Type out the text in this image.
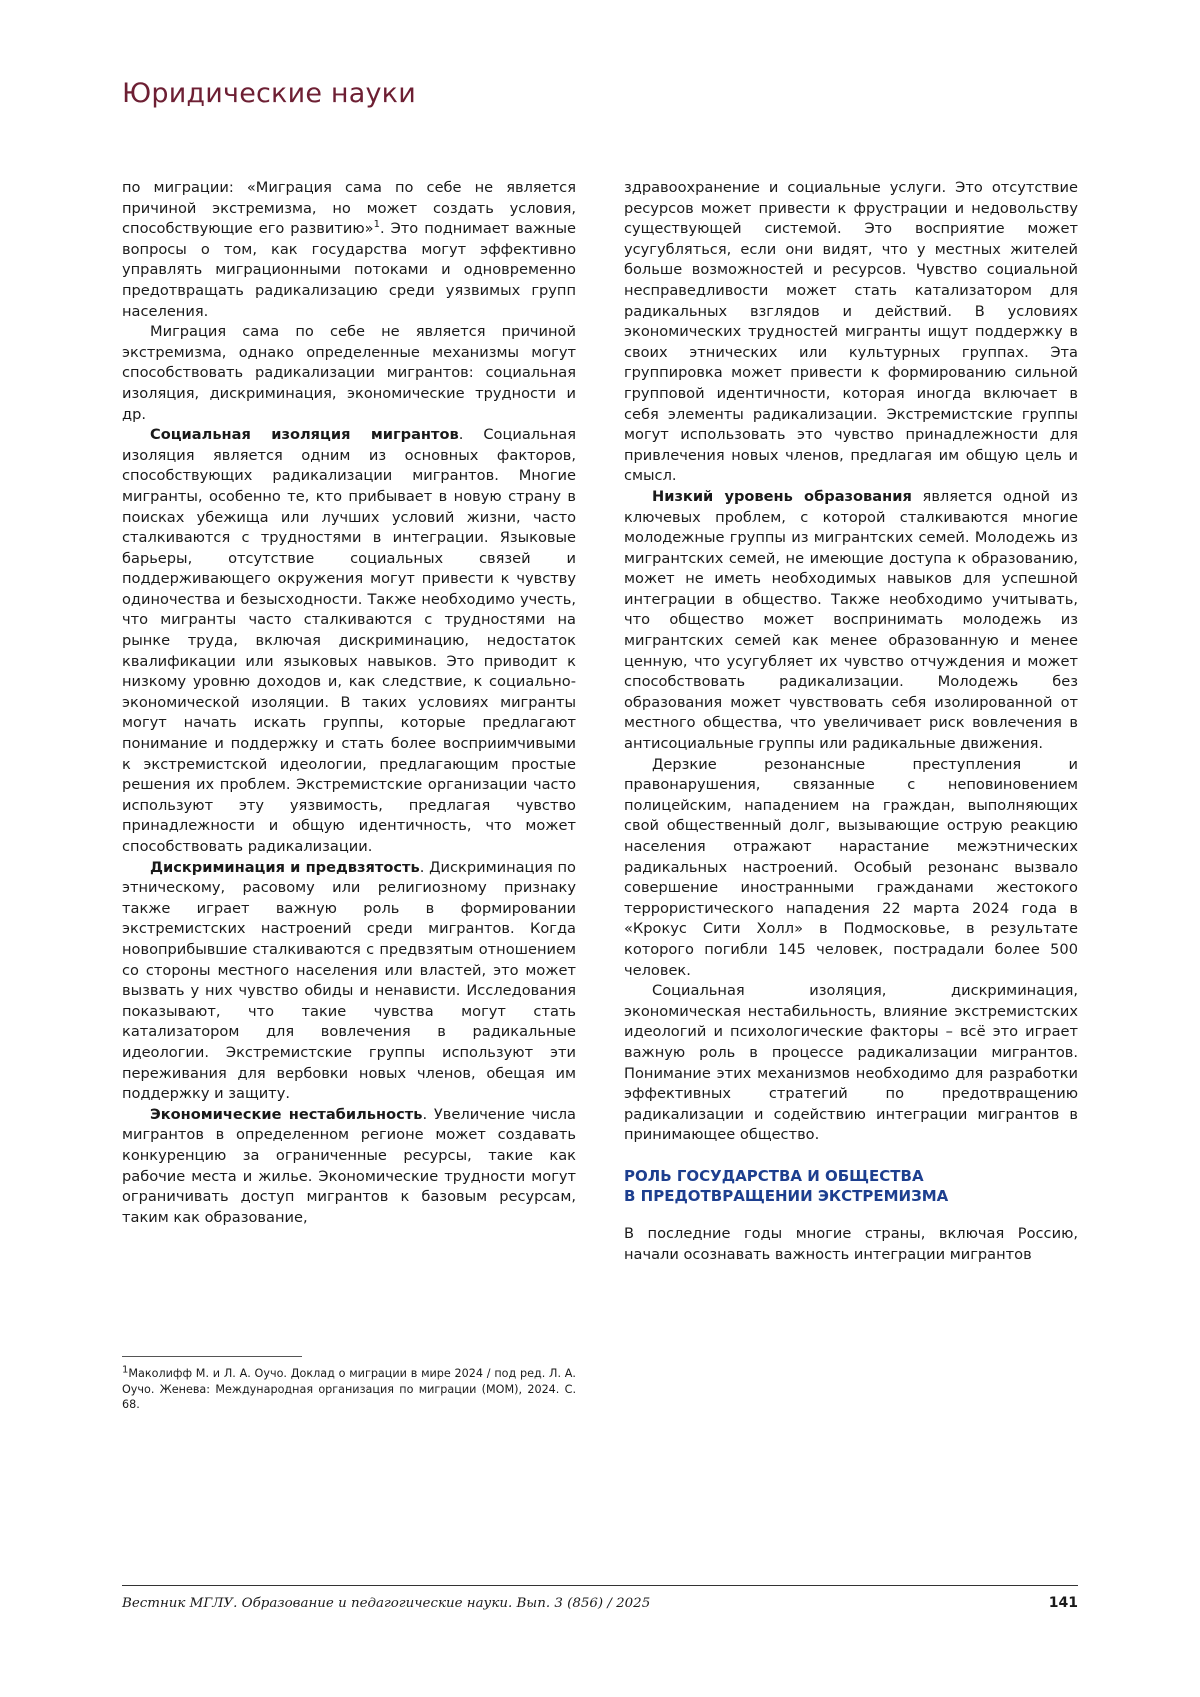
Юридические науки

по миграции: «Миграция сама по себе не является причиной экстремизма, но может создать условия, способствующие его развитию»$^1$. Это поднимает важные вопросы о том, как государства могут эффективно управлять миграционными потоками и одновременно предотвращать радикализацию среди уязвимых групп населения.

Миграция сама по себе не является причиной экстремизма, однако определенные механизмы могут способствовать радикализации мигрантов: социальная изоляция, дискриминация, экономические трудности и др.

Социальная изоляция мигрантов. Социальная изоляция является одним из основных факторов, способствующих радикализации мигрантов. Многие мигранты, особенно те, кто прибывает в новую страну в поисках убежища или лучших условий жизни, часто сталкиваются с трудностями в интеграции. Языковые барьеры, отсутствие социальных связей и поддерживающего окружения могут привести к чувству одиночества и безысходности. Также необходимо учесть, что мигранты часто сталкиваются с трудностями на рынке труда, включая дискриминацию, недостаток квалификации или языковых навыков. Это приводит к низкому уровню доходов и, как следствие, к социально-экономической изоляции. В таких условиях мигранты могут начать искать группы, которые предлагают понимание и поддержку и стать более восприимчивыми к экстремистской идеологии, предлагающим простые решения их проблем. Экстремистские организации часто используют эту уязвимость, предлагая чувство принадлежности и общую идентичность, что может способствовать радикализации.

Дискриминация и предвзятость. Дискриминация по этническому, расовому или религиозному признаку также играет важную роль в формировании экстремистских настроений среди мигрантов. Когда новоприбывшие сталкиваются с предвзятым отношением со стороны местного населения или властей, это может вызвать у них чувство обиды и ненависти. Исследования показывают, что такие чувства могут стать катализатором для вовлечения в радикальные идеологии. Экстремистские группы используют эти переживания для вербовки новых членов, обещая им поддержку и защиту.

Экономические нестабильность. Увеличение числа мигрантов в определенном регионе может создавать конкуренцию за ограниченные ресурсы, такие как рабочие места и жилье. Экономические трудности могут ограничивать доступ мигрантов к базовым ресурсам, таким как образование,

здравоохранение и социальные услуги. Это отсутствие ресурсов может привести к фрустрации и недовольству существующей системой. Это восприятие может усугубляться, если они видят, что у местных жителей больше возможностей и ресурсов. Чувство социальной несправедливости может стать катализатором для радикальных взглядов и действий. В условиях экономических трудностей мигранты ищут поддержку в своих этнических или культурных группах. Эта группировка может привести к формированию сильной групповой идентичности, которая иногда включает в себя элементы радикализации. Экстремистские группы могут использовать это чувство принадлежности для привлечения новых членов, предлагая им общую цель и смысл.

Низкий уровень образования является одной из ключевых проблем, с которой сталкиваются многие молодежные группы из мигрантских семей. Молодежь из мигрантских семей, не имеющие доступа к образованию, может не иметь необходимых навыков для успешной интеграции в общество. Также необходимо учитывать, что общество может воспринимать молодежь из мигрантских семей как менее образованную и менее ценную, что усугубляет их чувство отчуждения и может способствовать радикализации. Молодежь без образования может чувствовать себя изолированной от местного общества, что увеличивает риск вовлечения в антисоциальные группы или радикальные движения.

Дерзкие резонансные преступления и правонарушения, связанные с неповиновением полицейским, нападением на граждан, выполняющих свой общественный долг, вызывающие острую реакцию населения отражают нарастание межэтнических радикальных настроений. Особый резонанс вызвало совершение иностранными гражданами жестокого террористического нападения 22 марта 2024 года в «Крокус Сити Холл» в Подмосковье, в результате которого погибли 145 человек, пострадали более 500 человек.

Социальная изоляция, дискриминация, экономическая нестабильность, влияние экстремистских идеологий и психологические факторы – всё это играет важную роль в процессе радикализации мигрантов. Понимание этих механизмов необходимо для разработки эффективных стратегий по предотвращению радикализации и содействию интеграции мигрантов в принимающее общество.

РОЛЬ ГОСУДАРСТВА И ОБЩЕСТВА
В ПРЕДОТВРАЩЕНИИ ЭКСТРЕМИЗМА

В последние годы многие страны, включая Россию, начали осознавать важность интеграции мигрантов

$^1$Маколифф М. и Л. А. Оучо. Доклад о миграции в мире 2024 / под ред. Л. А. Оучо. Женева: Международная организация по миграции (МОМ), 2024. С. 68.
Вестник МГЛУ. Образование и педагогические науки. Вып. 3 (856) / 2025	141
